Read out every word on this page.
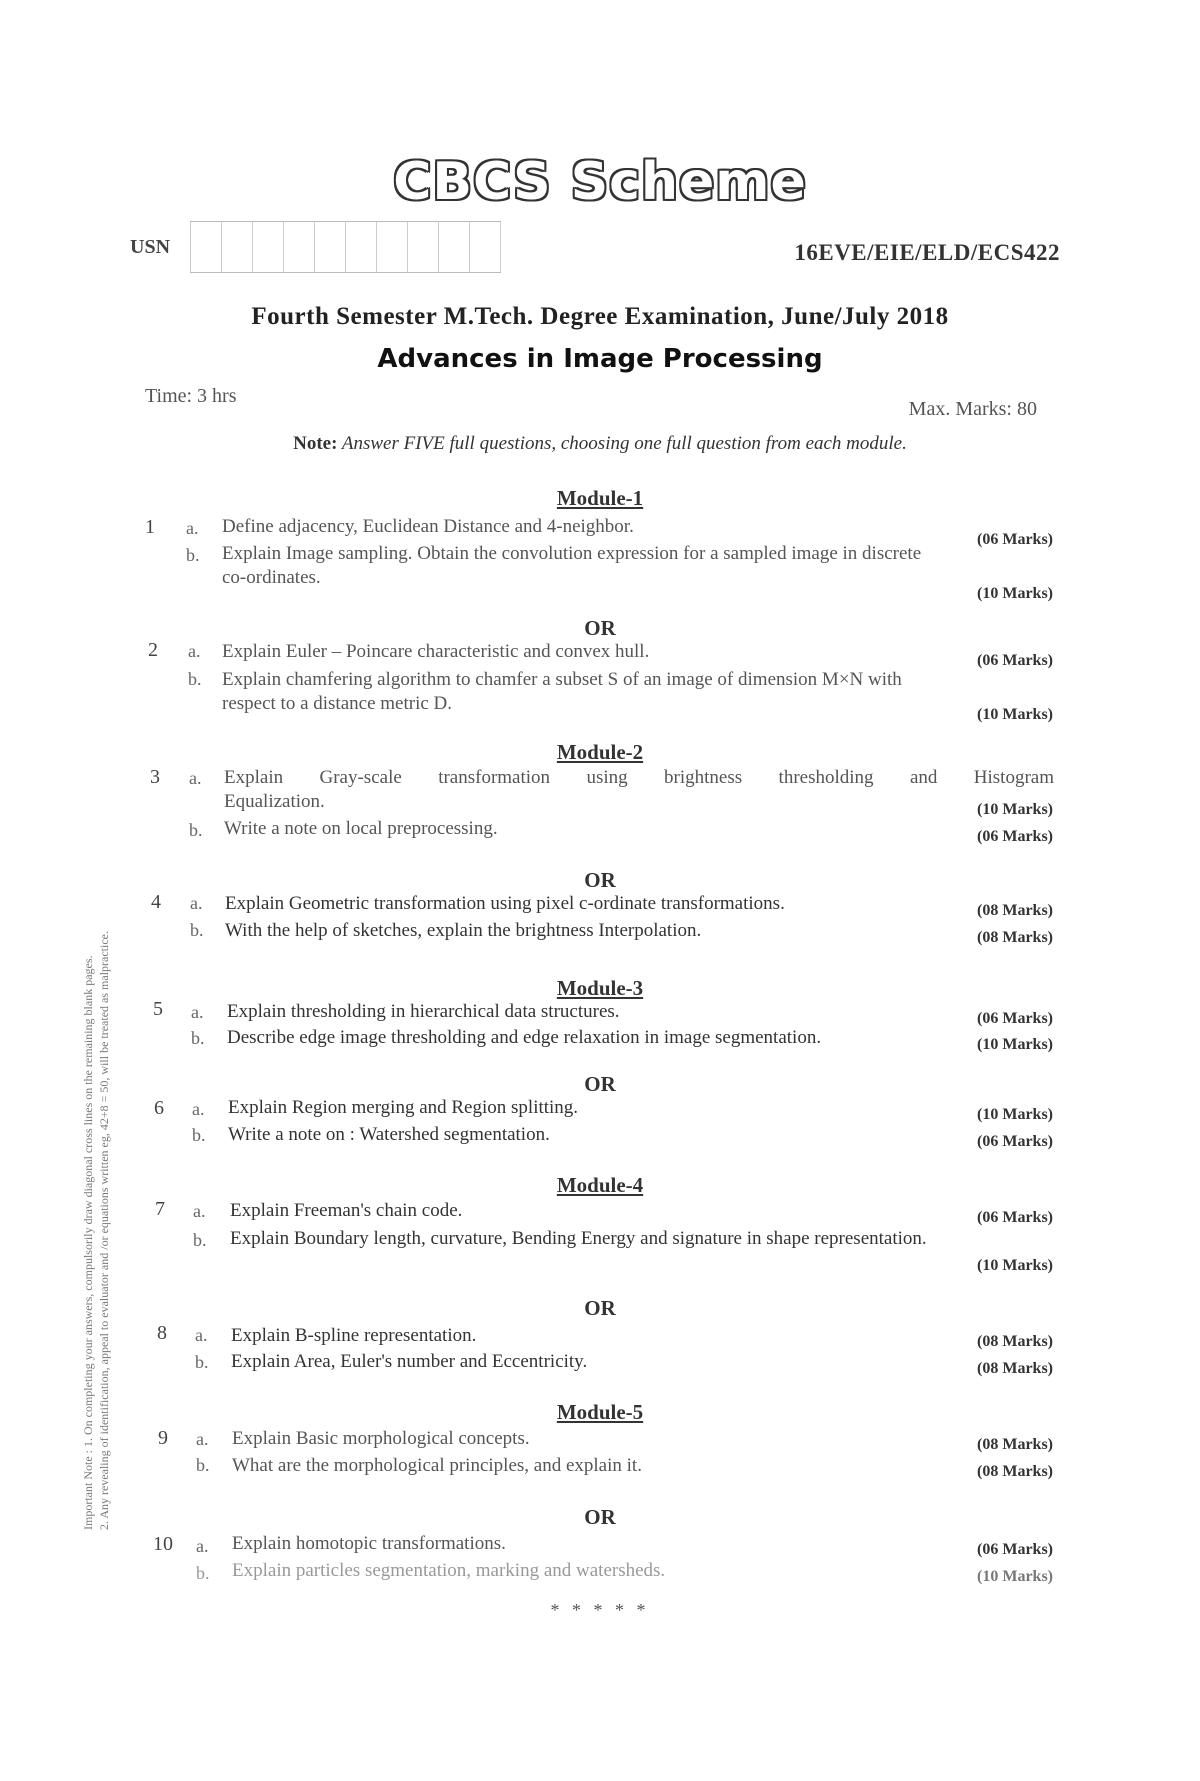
CBCS Scheme
USN	16EVE/EIE/ELD/ECS422
Fourth Semester M.Tech. Degree Examination, June/July 2018
Advances in Image Processing
Time: 3 hrs
Max. Marks: 80
Note: Answer FIVE full questions, choosing one full question from each module.
Important Note : 1. On completing your answers, compulsorily draw diagonal cross lines on the remaining blank pages. 2. Any revealing of identification, appeal to evaluator and /or equations written eg, 42+8 = 50, will be treated as malpractice.
Module-1
1 a. Define adjacency, Euclidean Distance and 4-neighbor.
(06 Marks)
b. Explain Image sampling. Obtain the convolution expression for a sampled image in discrete
co-ordinates.
(10 Marks)
OR
2 a. Explain Euler – Poincare characteristic and convex hull.	(06 Marks)
b. Explain chamfering algorithm to chamfer a subset S of an image of dimension M×N with
respect to a distance metric D.
(10 Marks)
Module-2
3 a. Explain Gray-scale transformation using brightness thresholding and Histogram
Equalization.	(10 Marks)
b. Write a note on local preprocessing.	(06 Marks)
OR
4 a. Explain Geometric transformation using pixel c-ordinate transformations.	(08 Marks)
b. With the help of sketches, explain the brightness Interpolation.	(08 Marks)
Module-3
5 a. Explain thresholding in hierarchical data structures.	(06 Marks)
b. Describe edge image thresholding and edge relaxation in image segmentation.	(10 Marks)
OR
6 a. Explain Region merging and Region splitting.	(10 Marks)
b. Write a note on : Watershed segmentation.	(06 Marks)
Module-4
7 a. Explain Freeman's chain code.	(06 Marks)
b. Explain Boundary length, curvature, Bending Energy and signature in shape representation.
(10 Marks)
OR
8 a. Explain B-spline representation.	(08 Marks)
b. Explain Area, Euler's number and Eccentricity.	(08 Marks)
Module-5
9 a. Explain Basic morphological concepts.	(08 Marks)
b. What are the morphological principles, and explain it.	(08 Marks)
OR
10 a. Explain homotopic transformations.	(06 Marks)
b. Explain particles segmentation, marking and watersheds.	(10 Marks)
* * * * *
